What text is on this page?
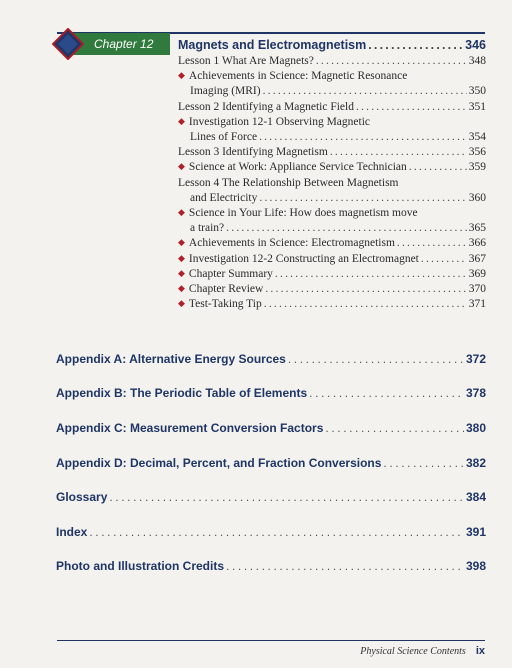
Chapter 12	Magnets and Electromagnetism .....	346
Lesson 1 What Are Magnets? .....	348
◆ Achievements in Science: Magnetic Resonance
Imaging (MRI) .....	350
Lesson 2 Identifying a Magnetic Field .....	351
◆ Investigation 12-1 Observing Magnetic
Lines of Force .....	354
Lesson 3 Identifying Magnetism .....	356
◆ Science at Work: Appliance Service Technician .....	359
Lesson 4 The Relationship Between Magnetism
and Electricity .....	360
◆ Science in Your Life: How does magnetism move
a train? .....	365
◆ Achievements in Science: Electromagnetism .....	366
◆ Investigation 12-2 Constructing an Electromagnet .....	367
◆ Chapter Summary .....	369
◆ Chapter Review .....	370
◆ Test-Taking Tip .....	371
Appendix A: Alternative Energy Sources .....	372
Appendix B: The Periodic Table of Elements .....	378
Appendix C: Measurement Conversion Factors .....	380
Appendix D: Decimal, Percent, and Fraction Conversions .....	382
Glossary .....	384
Index .....	391
Photo and Illustration Credits .....	398
Physical Science Contents ix
